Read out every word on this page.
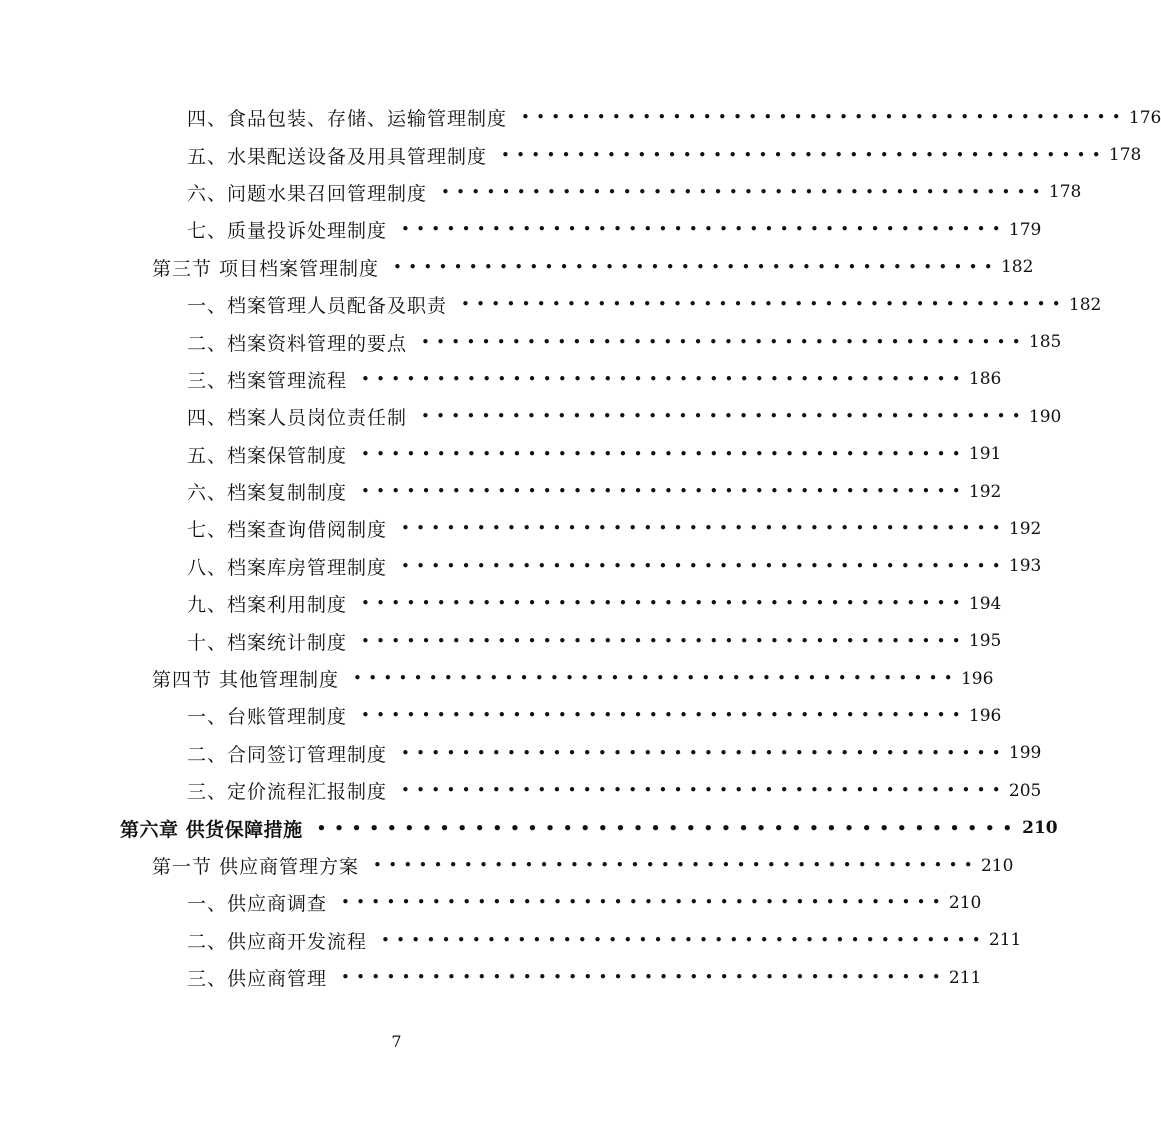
四、食品包装、存储、运输管理制度 •••••••••••••••••••••••••••••••••••••••• 176
五、水果配送设备及用具管理制度 •••••••••••••••••••••••••••••••••••••••• 178
六、问题水果召回管理制度 •••••••••••••••••••••••••••••••••••••••• 178
七、质量投诉处理制度 •••••••••••••••••••••••••••••••••••••••• 179
第三节 项目档案管理制度 •••••••••••••••••••••••••••••••••••••••• 182
一、档案管理人员配备及职责 •••••••••••••••••••••••••••••••••••••••• 182
二、档案资料管理的要点 •••••••••••••••••••••••••••••••••••••••• 185
三、档案管理流程 •••••••••••••••••••••••••••••••••••••••• 186
四、档案人员岗位责任制 •••••••••••••••••••••••••••••••••••••••• 190
五、档案保管制度 •••••••••••••••••••••••••••••••••••••••• 191
六、档案复制制度 •••••••••••••••••••••••••••••••••••••••• 192
七、档案查询借阅制度 •••••••••••••••••••••••••••••••••••••••• 192
八、档案库房管理制度 •••••••••••••••••••••••••••••••••••••••• 193
九、档案利用制度 •••••••••••••••••••••••••••••••••••••••• 194
十、档案统计制度 •••••••••••••••••••••••••••••••••••••••• 195
第四节 其他管理制度 •••••••••••••••••••••••••••••••••••••••• 196
一、台账管理制度 •••••••••••••••••••••••••••••••••••••••• 196
二、合同签订管理制度 •••••••••••••••••••••••••••••••••••••••• 199
三、定价流程汇报制度 •••••••••••••••••••••••••••••••••••••••• 205
第六章 供货保障措施 •••••••••••••••••••••••••••••••••••••••• 210
第一节 供应商管理方案 •••••••••••••••••••••••••••••••••••••••• 210
一、供应商调查 •••••••••••••••••••••••••••••••••••••••• 210
二、供应商开发流程 •••••••••••••••••••••••••••••••••••••••• 211
三、供应商管理 •••••••••••••••••••••••••••••••••••••••• 211
7
